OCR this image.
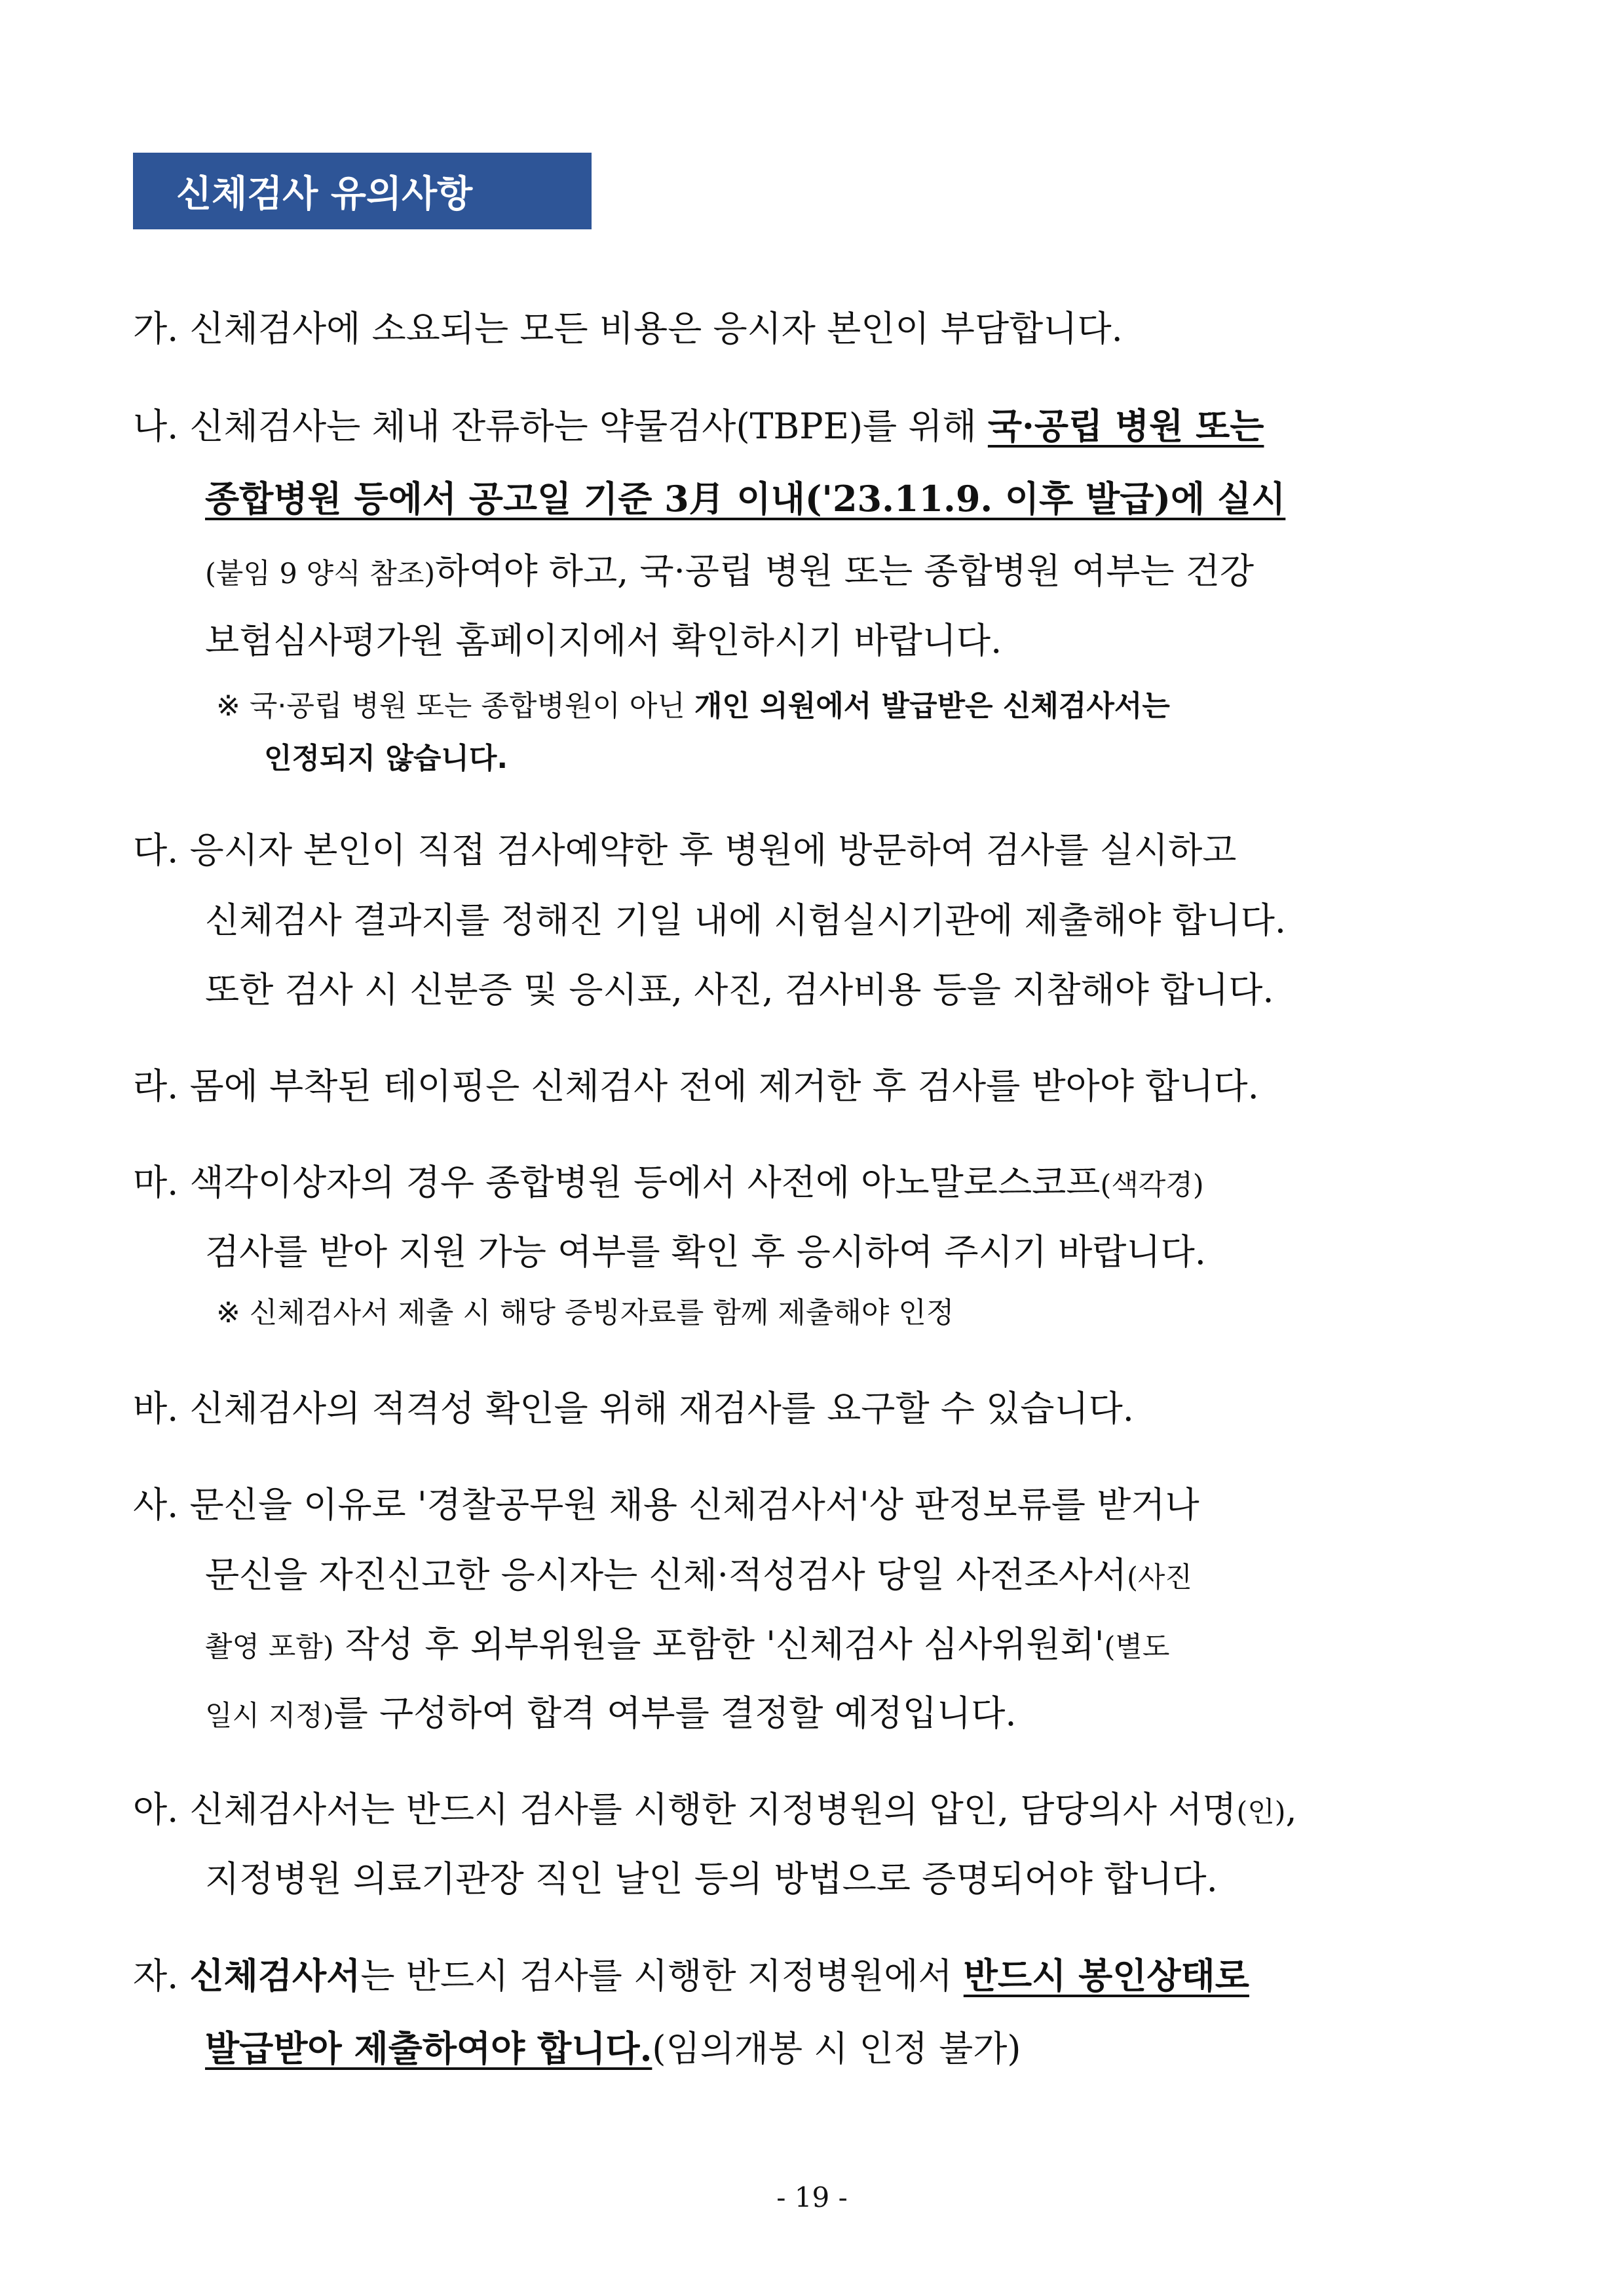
신체검사 유의사항
가. 신체검사에 소요되는 모든 비용은 응시자 본인이 부담합니다.
나. 신체검사는 체내 잔류하는 약물검사(TBPE)를 위해 국·공립 병원 또는
종합병원 등에서 공고일 기준 3月 이내('23.11.9. 이후 발급)에 실시
(붙임 9 양식 참조)하여야 하고, 국·공립 병원 또는 종합병원 여부는 건강
보험심사평가원 홈페이지에서 확인하시기 바랍니다.
※ 국·공립 병원 또는 종합병원이 아닌 개인 의원에서 발급받은 신체검사서는
인정되지 않습니다.
다. 응시자 본인이 직접 검사예약한 후 병원에 방문하여 검사를 실시하고
신체검사 결과지를 정해진 기일 내에 시험실시기관에 제출해야 합니다.
또한 검사 시 신분증 및 응시표, 사진, 검사비용 등을 지참해야 합니다.
라. 몸에 부착된 테이핑은 신체검사 전에 제거한 후 검사를 받아야 합니다.
마. 색각이상자의 경우 종합병원 등에서 사전에 아노말로스코프(색각경)
검사를 받아 지원 가능 여부를 확인 후 응시하여 주시기 바랍니다.
※ 신체검사서 제출 시 해당 증빙자료를 함께 제출해야 인정
바. 신체검사의 적격성 확인을 위해 재검사를 요구할 수 있습니다.
사. 문신을 이유로 '경찰공무원 채용 신체검사서'상 판정보류를 받거나
문신을 자진신고한 응시자는 신체·적성검사 당일 사전조사서(사진
촬영 포함) 작성 후 외부위원을 포함한 '신체검사 심사위원회'(별도
일시 지정)를 구성하여 합격 여부를 결정할 예정입니다.
아. 신체검사서는 반드시 검사를 시행한 지정병원의 압인, 담당의사 서명(인),
지정병원 의료기관장 직인 날인 등의 방법으로 증명되어야 합니다.
자. 신체검사서는 반드시 검사를 시행한 지정병원에서 반드시 봉인상태로
발급받아 제출하여야 합니다.(임의개봉 시 인정 불가)
- 19 -
